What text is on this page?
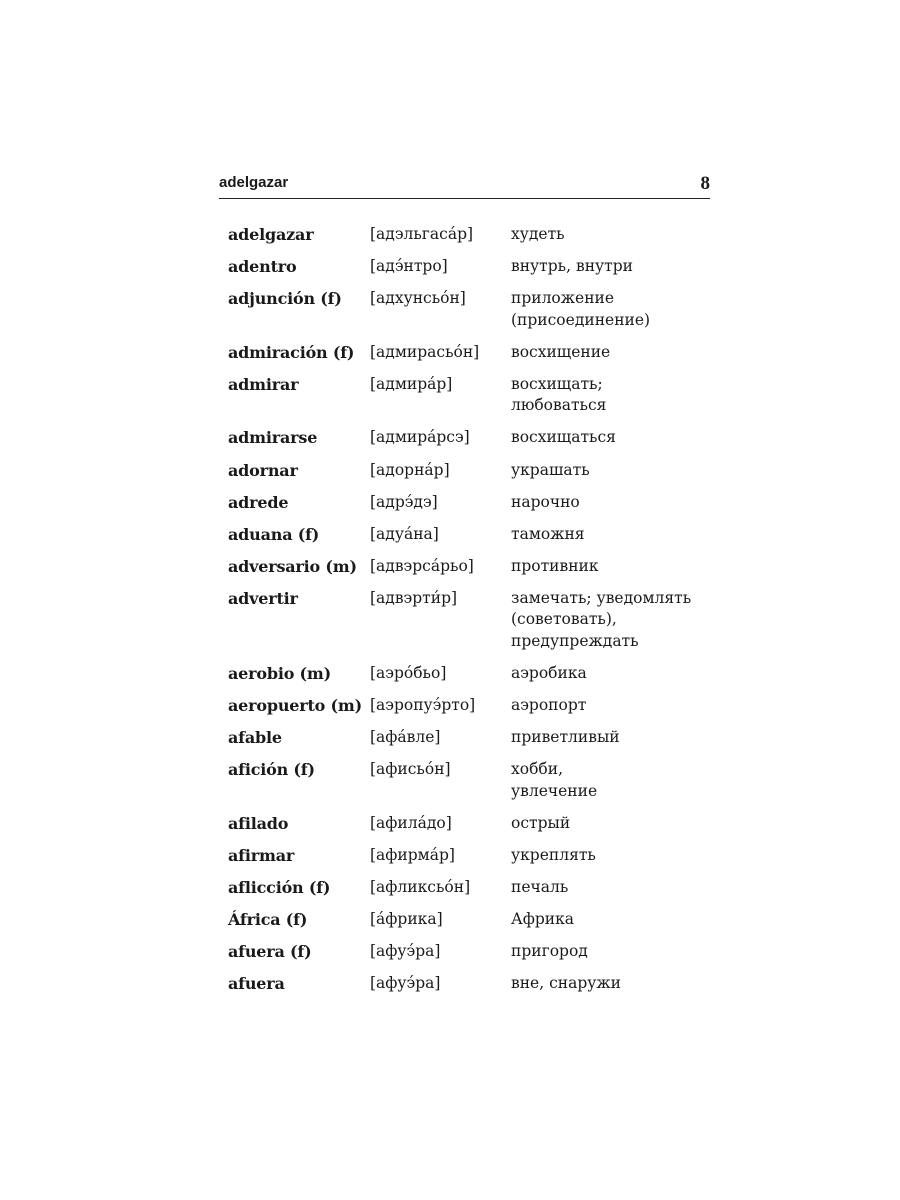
adelgazar	8
adelgazar	[адэльгаса́р]	худеть
adentro	[адэ́нтро]	внутрь, внутри
adjunción (f)	[адхунсьо́н]	приложение
(присоединение)
admiración (f)	[адмирасьо́н]	восхищение
admirar	[адмира́р]	восхищать;
любоваться
admirarse	[адмира́рсэ]	восхищаться
adornar	[адорна́р]	украшать
adrede	[адрэ́дэ]	нарочно
aduana (f)	[адуа́на]	таможня
adversario (m) [адвэрса́рьо]	противник
advertir	[адвэрти́р]	замечать; уведомлять
(советовать),
предупреждать
aerobio (m)	[аэро́бьо]	аэробика
aeropuerto (m) [аэропуэ́рто]	аэропорт
afable	[афа́вле]	приветливый
afición (f)	[афисьо́н]	хобби,
увлечение
afilado	[афила́до]	острый
afirmar	[афирма́р]	укреплять
aflicción (f)	[афликсьо́н]	печаль
África (f)	[а́фрика]	Африка
afuera (f)	[афуэ́ра]	пригород
afuera	[афуэ́ра]	вне, снаружи
